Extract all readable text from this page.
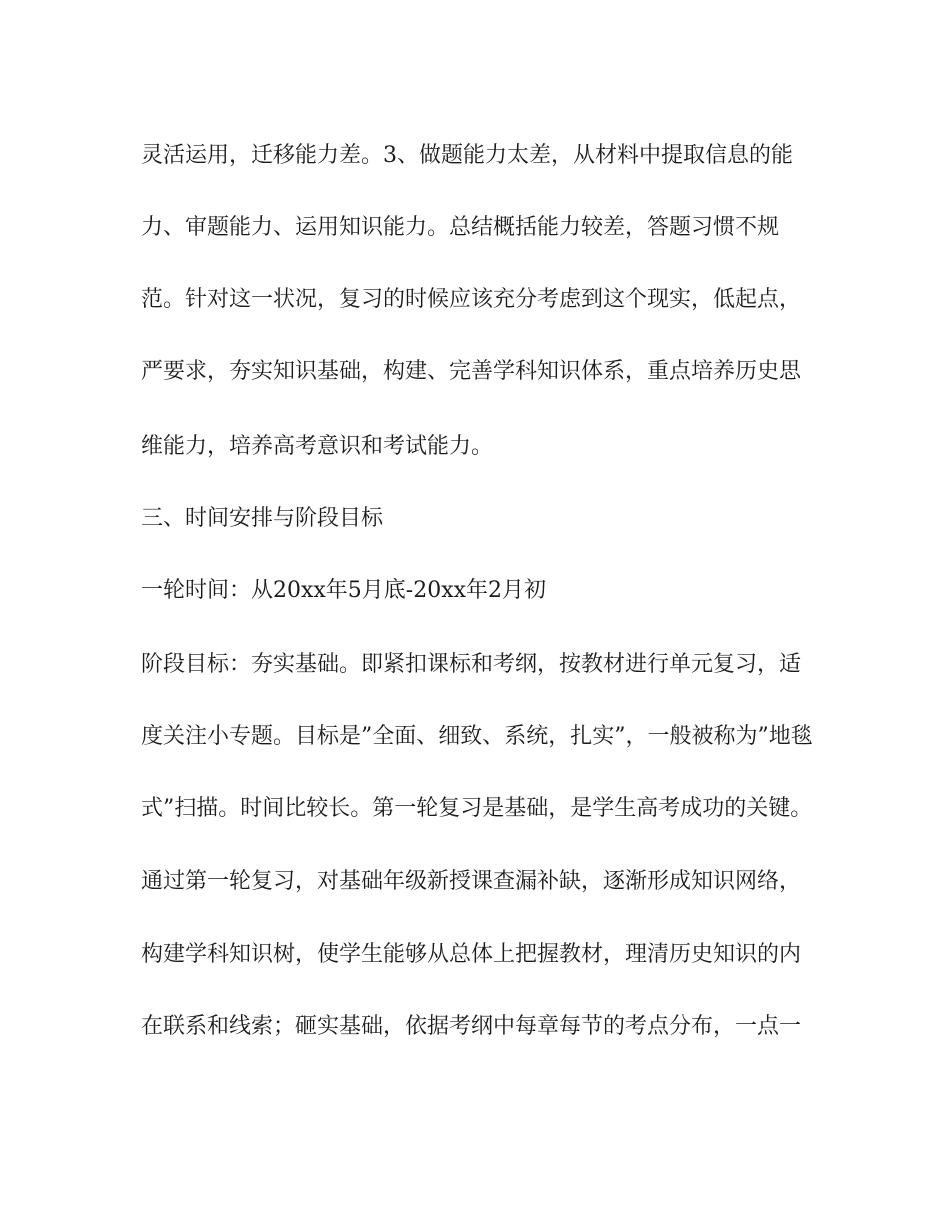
灵活运用，迁移能力差。3、做题能力太差，从材料中提取信息的能
力、审题能力、运用知识能力。总结概括能力较差，答题习惯不规
范。针对这一状况，复习的时候应该充分考虑到这个现实，低起点，
严要求，夯实知识基础，构建、完善学科知识体系，重点培养历史思
维能力，培养高考意识和考试能力。
三、时间安排与阶段目标
一轮时间：从20xx年5月底-20xx年2月初
阶段目标：夯实基础。即紧扣课标和考纲，按教材进行单元复习，适
度关注小专题。目标是”全面、细致、系统，扎实”，一般被称为”地毯
式”扫描。时间比较长。第一轮复习是基础，是学生高考成功的关键。
通过第一轮复习，对基础年级新授课查漏补缺，逐渐形成知识网络，
构建学科知识树，使学生能够从总体上把握教材，理清历史知识的内
在联系和线索；砸实基础，依据考纲中每章每节的考点分布，一点一
